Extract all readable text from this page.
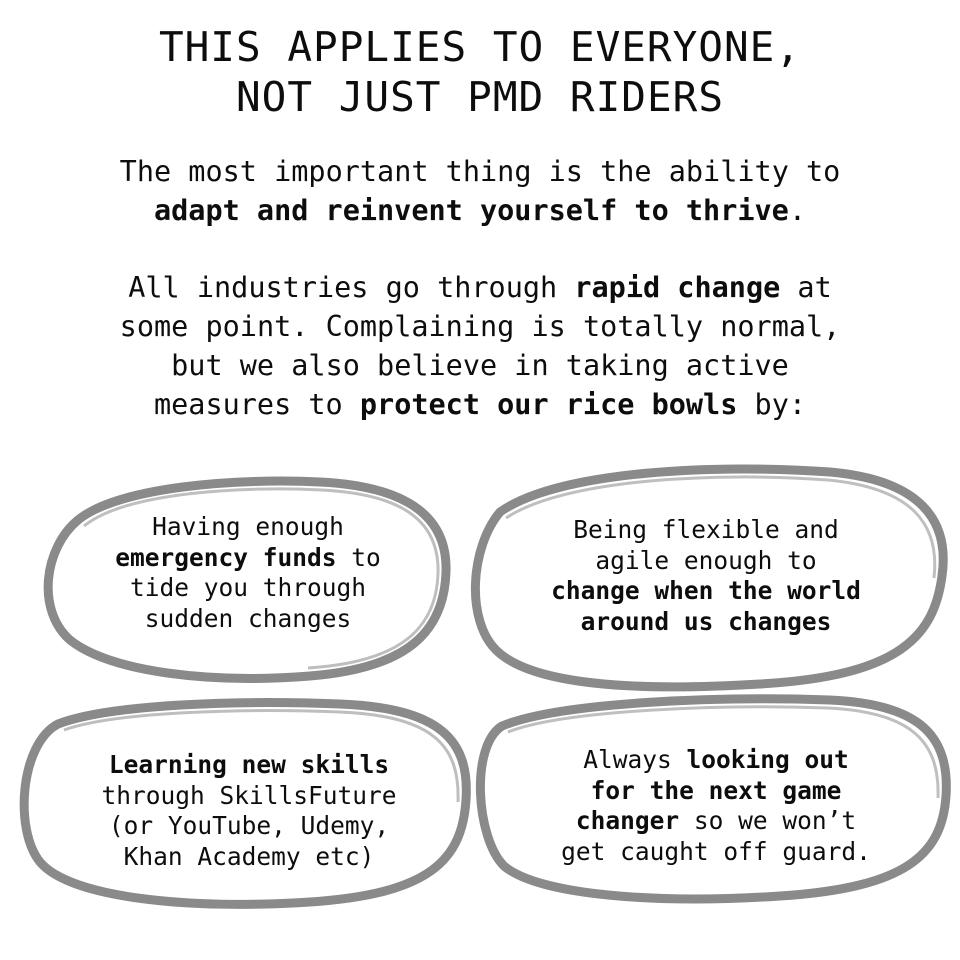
THIS APPLIES TO EVERYONE,
NOT JUST PMD RIDERS

The most important thing is the ability to
adapt and reinvent yourself to thrive.

All industries go through rapid change at
some point. Complaining is totally normal,
but we also believe in taking active
measures to protect our rice bowls by:

Having enough
emergency funds to
tide you through
sudden changes
Being flexible and
agile enough to
change when the world
around us changes
Learning new skills
through SkillsFuture
(or YouTube, Udemy,
Khan Academy etc)
Always looking out
for the next game
changer so we won’t
get caught off guard.
